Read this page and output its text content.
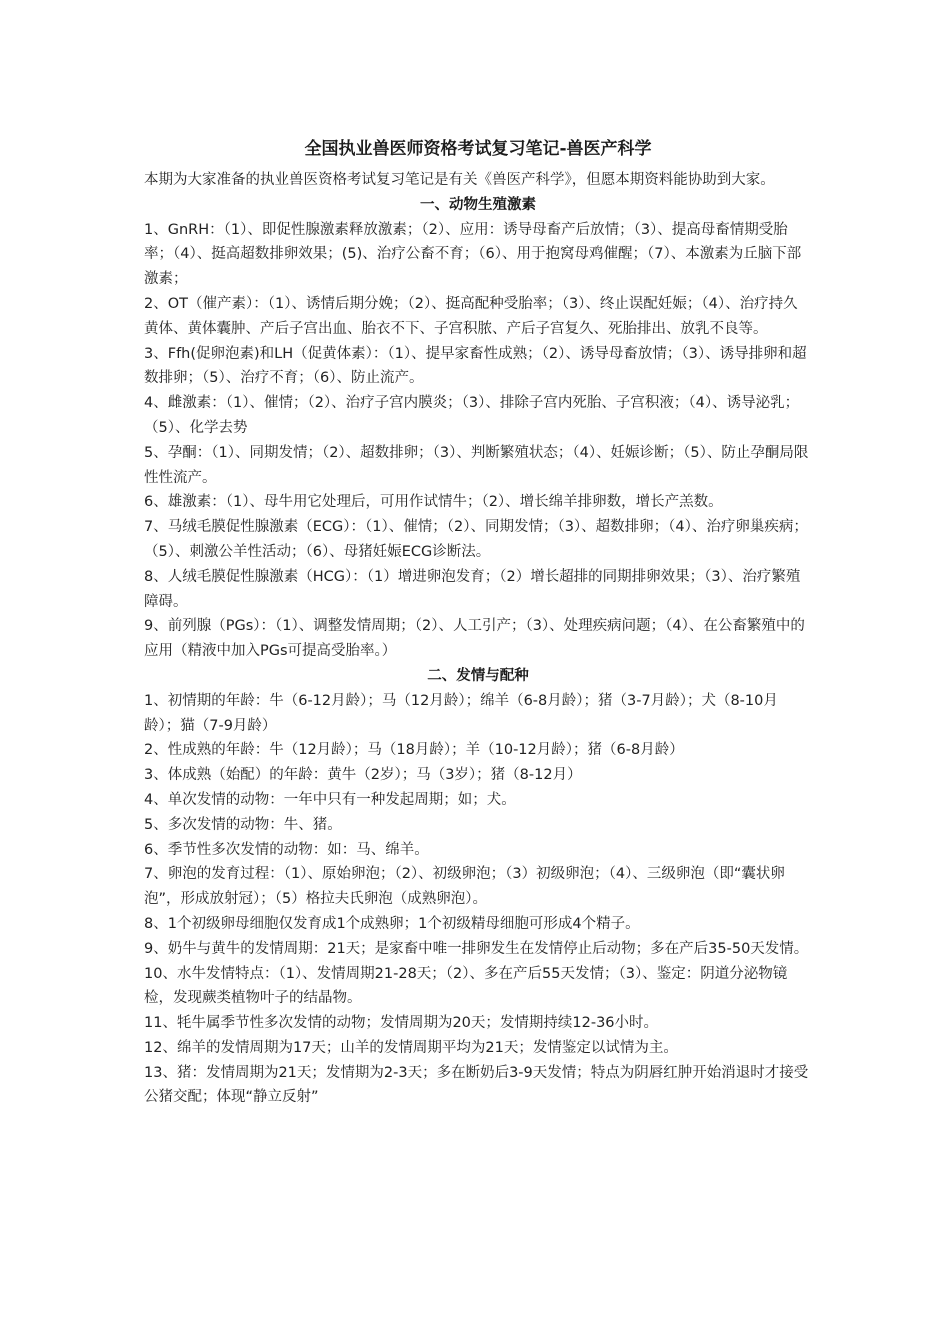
全国执业兽医师资格考试复习笔记-兽医产科学

本期为大家准备的执业兽医资格考试复习笔记是有关《兽医产科学》，但愿本期资料能协助到大家。

一、动物生殖激素

1、GnRH：（1）、即促性腺激素释放激素；（2）、应用：诱导母畜产后放情；（3）、提高母畜情期受胎率；（4）、挺高超数排卵效果；(5)、治疗公畜不育；（6）、用于抱窝母鸡催醒；（7）、本激素为丘脑下部激素；

2、OT（催产素）：（1）、诱情后期分娩；（2）、挺高配种受胎率；（3）、终止误配妊娠；（4）、治疗持久黄体、黄体囊肿、产后子宫出血、胎衣不下、子宫积脓、产后子宫复久、死胎排出、放乳不良等。

3、Ffh(促卵泡素)和LH（促黄体素）：（1）、提早家畜性成熟；（2）、诱导母畜放情；（3）、诱导排卵和超数排卵；（5）、治疗不育；（6）、防止流产。

4、雌激素：（1）、催情；（2）、治疗子宫内膜炎；（3）、排除子宫内死胎、子宫积液；（4）、诱导泌乳；（5）、化学去势

5、孕酮：（1）、同期发情；（2）、超数排卵；（3）、判断繁殖状态；（4）、妊娠诊断；（5）、防止孕酮局限性性流产。

6、雄激素：（1）、母牛用它处理后，可用作试情牛；（2）、增长绵羊排卵数，增长产羔数。

7、马绒毛膜促性腺激素（ECG）：（1）、催情；（2）、同期发情；（3）、超数排卵；（4）、治疗卵巢疾病；（5）、刺激公羊性活动；（6）、母猪妊娠ECG诊断法。

8、人绒毛膜促性腺激素（HCG）：（1）增进卵泡发育；（2）增长超排的同期排卵效果；（3）、治疗繁殖障碍。

9、前列腺（PGs）：（1）、调整发情周期；（2）、人工引产；（3）、处理疾病问题；（4）、在公畜繁殖中的应用（精液中加入PGs可提高受胎率。）

二、发情与配种

1、初情期的年龄：牛（6-12月龄）；马（12月龄）；绵羊（6-8月龄）；猪（3-7月龄）；犬（8-10月龄）；猫（7-9月龄）

2、性成熟的年龄：牛（12月龄）；马（18月龄）；羊（10-12月龄）；猪（6-8月龄）

3、体成熟（始配）的年龄：黄牛（2岁）；马（3岁）；猪（8-12月）

4、单次发情的动物：一年中只有一种发起周期；如；犬。

5、多次发情的动物：牛、猪。

6、季节性多次发情的动物：如：马、绵羊。

7、卵泡的发育过程：（1）、原始卵泡；（2）、初级卵泡；（3）初级卵泡；（4）、三级卵泡（即“囊状卵泡”，形成放射冠）；（5）格拉夫氏卵泡（成熟卵泡）。

8、1个初级卵母细胞仅发育成1个成熟卵；1个初级精母细胞可形成4个精子。

9、奶牛与黄牛的发情周期：21天；是家畜中唯一排卵发生在发情停止后动物；多在产后35-50天发情。

10、水牛发情特点：（1）、发情周期21-28天；（2）、多在产后55天发情；（3）、鉴定：阴道分泌物镜检，发现蕨类植物叶子的结晶物。

11、牦牛属季节性多次发情的动物；发情周期为20天；发情期持续12-36小时。

12、绵羊的发情周期为17天；山羊的发情周期平均为21天；发情鉴定以试情为主。

13、猪：发情周期为21天；发情期为2-3天；多在断奶后3-9天发情；特点为阴唇红肿开始消退时才接受公猪交配；体现“静立反射”
